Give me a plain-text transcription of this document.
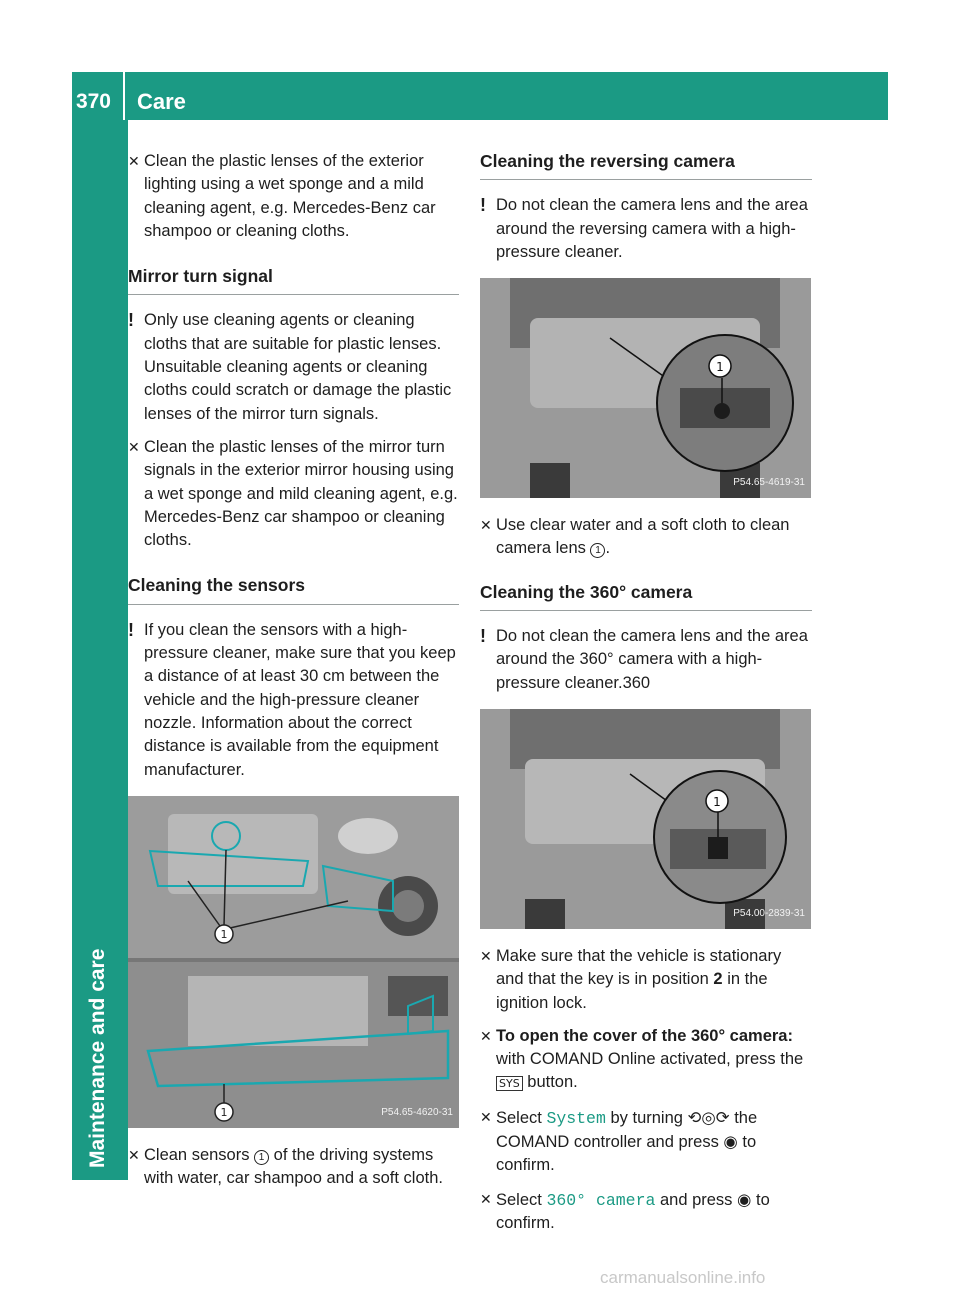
370	Care
Maintenance and care

✕ Clean the plastic lenses of the exterior lighting using a wet sponge and a mild cleaning agent, e.g. Mercedes-Benz car shampoo or cleaning cloths.

Mirror turn signal

! Only use cleaning agents or cleaning cloths that are suitable for plastic lenses. Unsuitable cleaning agents or cleaning cloths could scratch or damage the plastic lenses of the mirror turn signals.

✕ Clean the plastic lenses of the mirror turn signals in the exterior mirror housing using a wet sponge and mild cleaning agent, e.g. Mercedes-Benz car shampoo or cleaning cloths.

Cleaning the sensors

! If you clean the sensors with a high-pressure cleaner, make sure that you keep a distance of at least 30 cm between the vehicle and the high-pressure cleaner nozzle. Information about the correct distance is available from the equipment manufacturer.

1
1	P54.65-4620-31

✕ Clean sensors 1 of the driving systems with water, car shampoo and a soft cloth.

Cleaning the reversing camera

! Do not clean the camera lens and the area around the reversing camera with a high-pressure cleaner.

1
P54.65-4619-31

✕ Use clear water and a soft cloth to clean camera lens 1 .

Cleaning the 360° camera

! Do not clean the camera lens and the area around the 360° camera with a high-pressure cleaner.360

1
P54.00-2839-31

✕ Make sure that the vehicle is stationary and that the key is in position 2 in the ignition lock.

✕ To open the cover of the 360° camera: with COMAND Online activated, press the SYS button.

✕ Select System by turning ⟲◎⟳ the COMAND controller and press ◉ to confirm.

✕ Select 360° camera and press ◉ to confirm.

carmanualsonline.info
